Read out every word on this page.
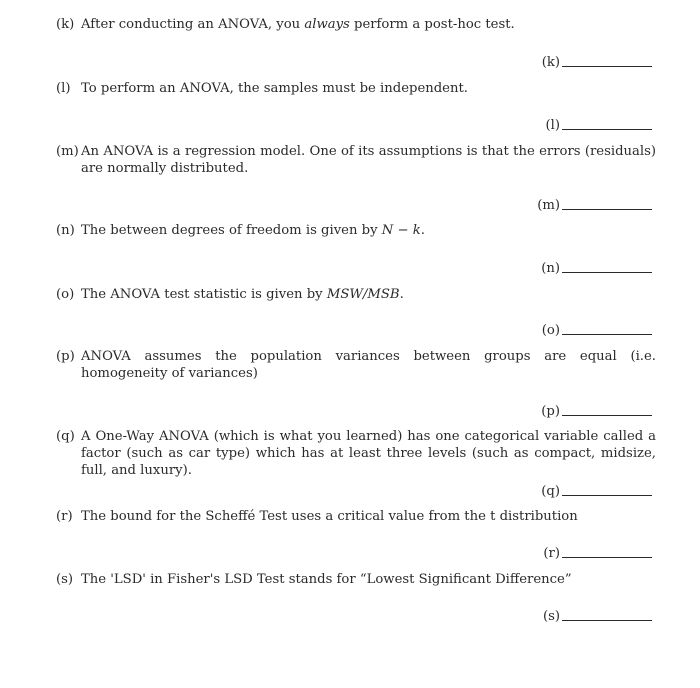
(k) After conducting an ANOVA, you always perform a post-hoc test.
(k)
(l) To perform an ANOVA, the samples must be independent.
(l)
(m) An ANOVA is a regression model. One of its assumptions is that the errors (residuals) are normally distributed.
(m)
(n) The between degrees of freedom is given by N − k.
(n)
(o) The ANOVA test statistic is given by MSW/MSB.
(o)
(p) ANOVA assumes the population variances between groups are equal (i.e. homogeneity of variances)
(p)
(q) A One-Way ANOVA (which is what you learned) has one categorical variable called a factor (such as car type) which has at least three levels (such as compact, midsize, full, and luxury).
(q)
(r) The bound for the Scheffé Test uses a critical value from the t distribution
(r)
(s) The 'LSD' in Fisher's LSD Test stands for “Lowest Significant Difference”
(s)
